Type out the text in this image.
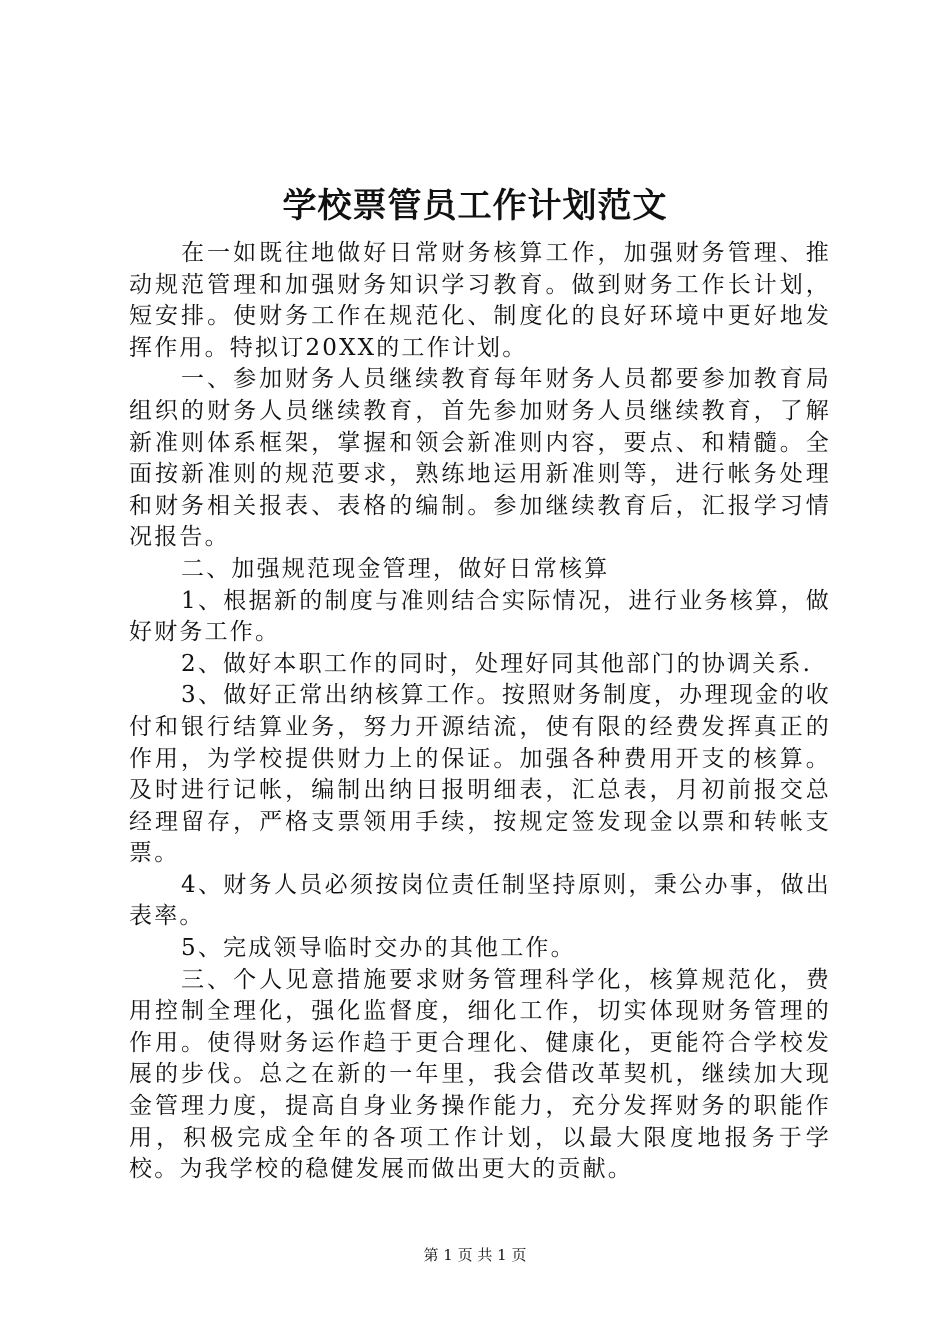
学校票管员工作计划范文

在一如既往地做好日常财务核算工作，加强财务管理、推动规范管理和加强财务知识学习教育。做到财务工作长计划，短安排。使财务工作在规范化、制度化的良好环境中更好地发挥作用。特拟订20XX的工作计划。

一、参加财务人员继续教育每年财务人员都要参加教育局组织的财务人员继续教育，首先参加财务人员继续教育，了解新准则体系框架，掌握和领会新准则内容，要点、和精髓。全面按新准则的规范要求，熟练地运用新准则等，进行帐务处理和财务相关报表、表格的编制。参加继续教育后，汇报学习情况报告。

二、加强规范现金管理，做好日常核算

1、根据新的制度与准则结合实际情况，进行业务核算，做好财务工作。

2、做好本职工作的同时，处理好同其他部门的协调关系.

3、做好正常出纳核算工作。按照财务制度，办理现金的收付和银行结算业务，努力开源结流，使有限的经费发挥真正的作用，为学校提供财力上的保证。加强各种费用开支的核算。及时进行记帐，编制出纳日报明细表，汇总表，月初前报交总经理留存，严格支票领用手续，按规定签发现金以票和转帐支票。

4、财务人员必须按岗位责任制坚持原则，秉公办事，做出表率。

5、完成领导临时交办的其他工作。

三、个人见意措施要求财务管理科学化，核算规范化，费用控制全理化，强化监督度，细化工作，切实体现财务管理的作用。使得财务运作趋于更合理化、健康化，更能符合学校发展的步伐。总之在新的一年里，我会借改革契机，继续加大现金管理力度，提高自身业务操作能力，充分发挥财务的职能作用，积极完成全年的各项工作计划，以最大限度地报务于学校。为我学校的稳健发展而做出更大的贡献。

第 1 页 共 1 页
